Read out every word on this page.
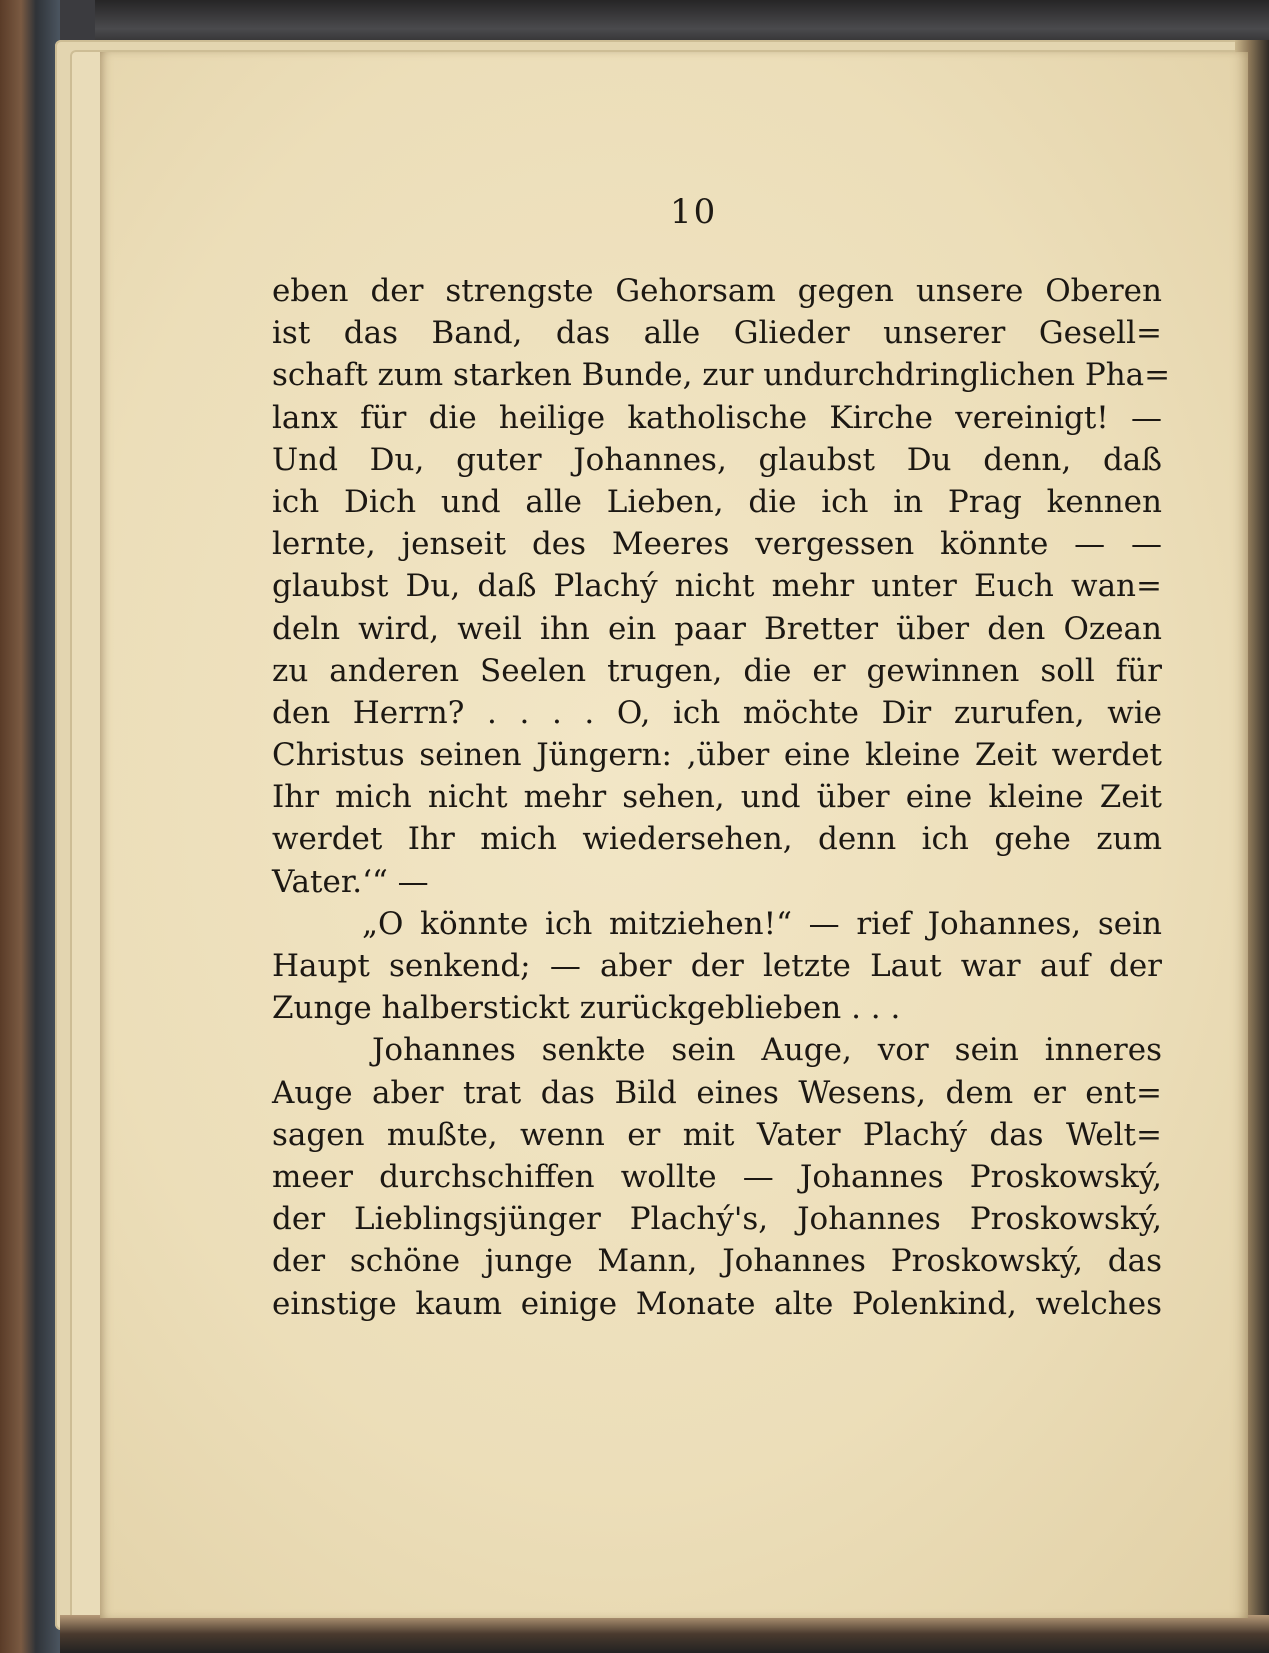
10
eben der strengste Gehorsam gegen unsere Oberen
ist das Band, das alle Glieder unserer Gesell=
schaft zum starken Bunde, zur undurchdringlichen Pha=
lanx für die heilige katholische Kirche vereinigt! —
Und Du, guter Johannes, glaubst Du denn, daß
ich Dich und alle Lieben, die ich in Prag kennen
lernte, jenseit des Meeres vergessen könnte — —
glaubst Du, daß Plachý nicht mehr unter Euch wan=
deln wird, weil ihn ein paar Bretter über den Ozean
zu anderen Seelen trugen, die er gewinnen soll für
den Herrn? . . . . O, ich möchte Dir zurufen, wie
Christus seinen Jüngern: ‚über eine kleine Zeit werdet
Ihr mich nicht mehr sehen, und über eine kleine Zeit
werdet Ihr mich wiedersehen, denn ich gehe zum
Vater.‘“ —
„O könnte ich mitziehen!“ — rief Johannes, sein
Haupt senkend; — aber der letzte Laut war auf der
Zunge halberstickt zurückgeblieben . . .
Johannes senkte sein Auge, vor sein inneres
Auge aber trat das Bild eines Wesens, dem er ent=
sagen mußte, wenn er mit Vater Plachý das Welt=
meer durchschiffen wollte — Johannes Proskowský,
der Lieblingsjünger Plachý's, Johannes Proskowský,
der schöne junge Mann, Johannes Proskowský, das
einstige kaum einige Monate alte Polenkind, welches
